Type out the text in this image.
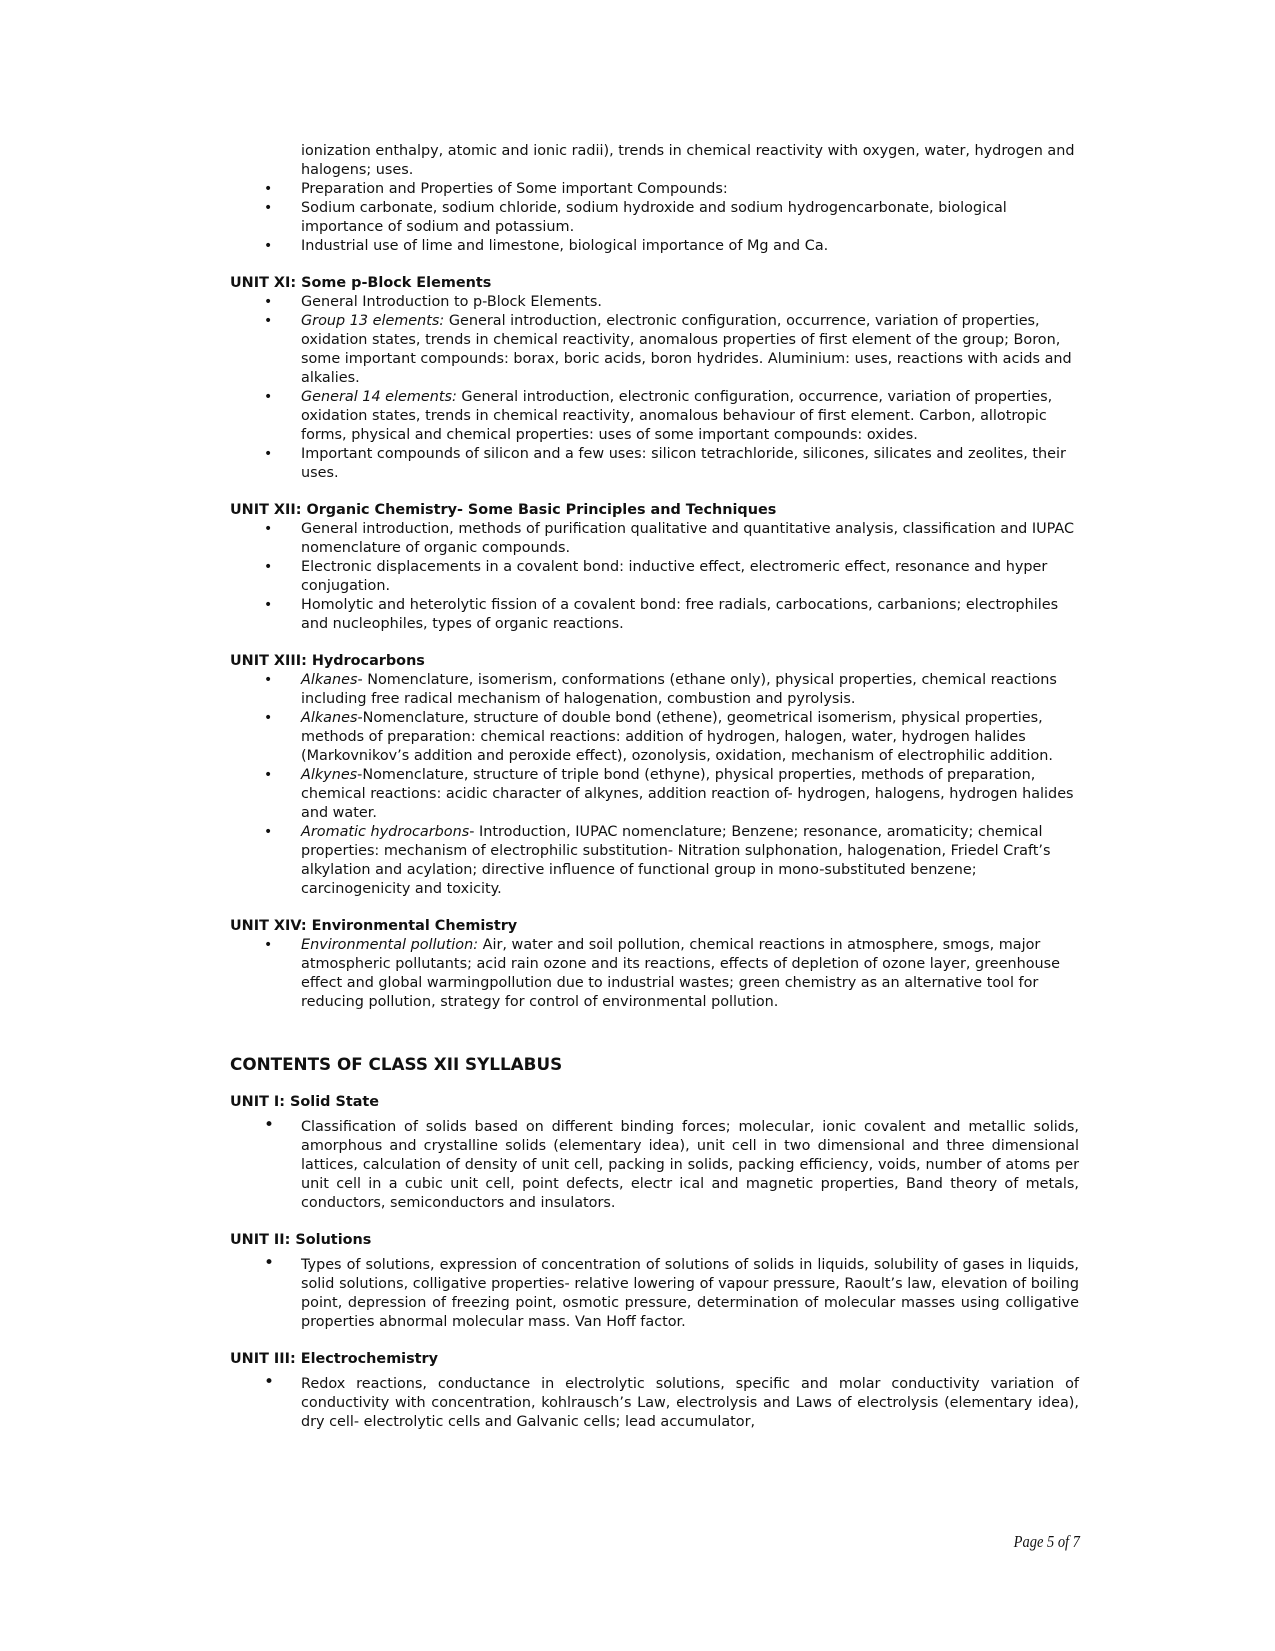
ionization enthalpy, atomic and ionic radii), trends in chemical reactivity with oxygen, water, hydrogen and halogens; uses.

• Preparation and Properties of Some important Compounds:
• Sodium carbonate, sodium chloride, sodium hydroxide and sodium hydrogencarbonate, biological importance of sodium and potassium.
• Industrial use of lime and limestone, biological importance of Mg and Ca.
UNIT XI: Some p-Block Elements
• General Introduction to p-Block Elements.
• Group 13 elements: General introduction, electronic configuration, occurrence, variation of properties, oxidation states, trends in chemical reactivity, anomalous properties of first element of the group; Boron, some important compounds: borax, boric acids, boron hydrides. Aluminium: uses, reactions with acids and alkalies.
• General 14 elements: General introduction, electronic configuration, occurrence, variation of properties, oxidation states, trends in chemical reactivity, anomalous behaviour of first element. Carbon, allotropic forms, physical and chemical properties: uses of some important compounds: oxides.
• Important compounds of silicon and a few uses: silicon tetrachloride, silicones, silicates and zeolites, their uses.
UNIT XII: Organic Chemistry- Some Basic Principles and Techniques
• General introduction, methods of purification qualitative and quantitative analysis, classification and IUPAC nomenclature of organic compounds.
• Electronic displacements in a covalent bond: inductive effect, electromeric effect, resonance and hyper conjugation.
• Homolytic and heterolytic fission of a covalent bond: free radials, carbocations, carbanions; electrophiles and nucleophiles, types of organic reactions.
UNIT XIII: Hydrocarbons
• Alkanes- Nomenclature, isomerism, conformations (ethane only), physical properties, chemical reactions including free radical mechanism of halogenation, combustion and pyrolysis.
• Alkanes-Nomenclature, structure of double bond (ethene), geometrical isomerism, physical properties, methods of preparation: chemical reactions: addition of hydrogen, halogen, water, hydrogen halides (Markovnikov’s addition and peroxide effect), ozonolysis, oxidation, mechanism of electrophilic addition.
• Alkynes-Nomenclature, structure of triple bond (ethyne), physical properties, methods of preparation, chemical reactions: acidic character of alkynes, addition reaction of- hydrogen, halogens, hydrogen halides and water.
• Aromatic hydrocarbons- Introduction, IUPAC nomenclature; Benzene; resonance, aromaticity; chemical properties: mechanism of electrophilic substitution- Nitration sulphonation, halogenation, Friedel Craft’s alkylation and acylation; directive influence of functional group in mono-substituted benzene; carcinogenicity and toxicity.
UNIT XIV: Environmental Chemistry
• Environmental pollution: Air, water and soil pollution, chemical reactions in atmosphere, smogs, major atmospheric pollutants; acid rain ozone and its reactions, effects of depletion of ozone layer, greenhouse effect and global warmingpollution due to industrial wastes; green chemistry as an alternative tool for reducing pollution, strategy for control of environmental pollution.
CONTENTS OF CLASS XII SYLLABUS
UNIT I: Solid State
• Classification of solids based on different binding forces; molecular, ionic covalent and metallic solids, amorphous and crystalline solids (elementary idea), unit cell in two dimensional and three dimensional lattices, calculation of density of unit cell, packing in solids, packing efficiency, voids, number of atoms per unit cell in a cubic unit cell, point defects, electr ical and magnetic properties, Band theory of metals, conductors, semiconductors and insulators.
UNIT II: Solutions
• Types of solutions, expression of concentration of solutions of solids in liquids, solubility of gases in liquids, solid solutions, colligative properties- relative lowering of vapour pressure, Raoult’s law, elevation of boiling point, depression of freezing point, osmotic pressure, determination of molecular masses using colligative properties abnormal molecular mass. Van Hoff factor.
UNIT III: Electrochemistry
• Redox reactions, conductance in electrolytic solutions, specific and molar conductivity variation of conductivity with concentration, kohlrausch’s Law, electrolysis and Laws of electrolysis (elementary idea), dry cell- electrolytic cells and Galvanic cells; lead accumulator,
Page 5 of 7
